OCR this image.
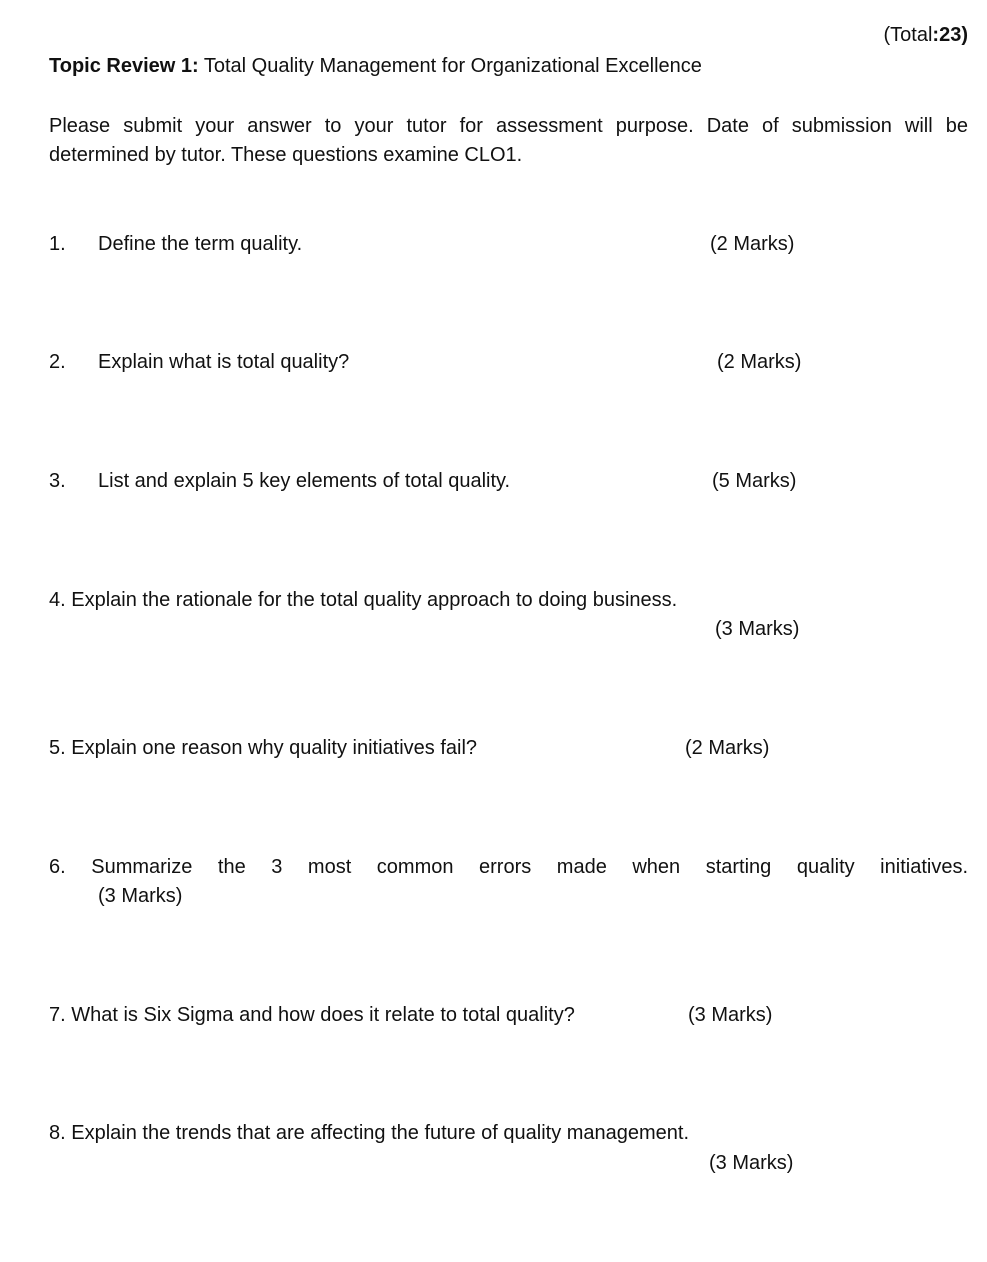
(Total:23)
Topic Review 1: Total Quality Management for Organizational Excellence
Please submit your answer to your tutor for assessment purpose. Date of submission will be determined by tutor. These questions examine CLO1.
1. Define the term quality.	(2 Marks)
2. Explain what is total quality?	(2 Marks)
3. List and explain 5 key elements of total quality.	(5 Marks)
4. Explain the rationale for the total quality approach to doing business.
(3 Marks)
5. Explain one reason why quality initiatives fail?	(2 Marks)
6. Summarize the 3 most common errors made when starting quality initiatives.
(3 Marks)
7. What is Six Sigma and how does it relate to total quality?	(3 Marks)
8. Explain the trends that are affecting the future of quality management.
(3 Marks)
